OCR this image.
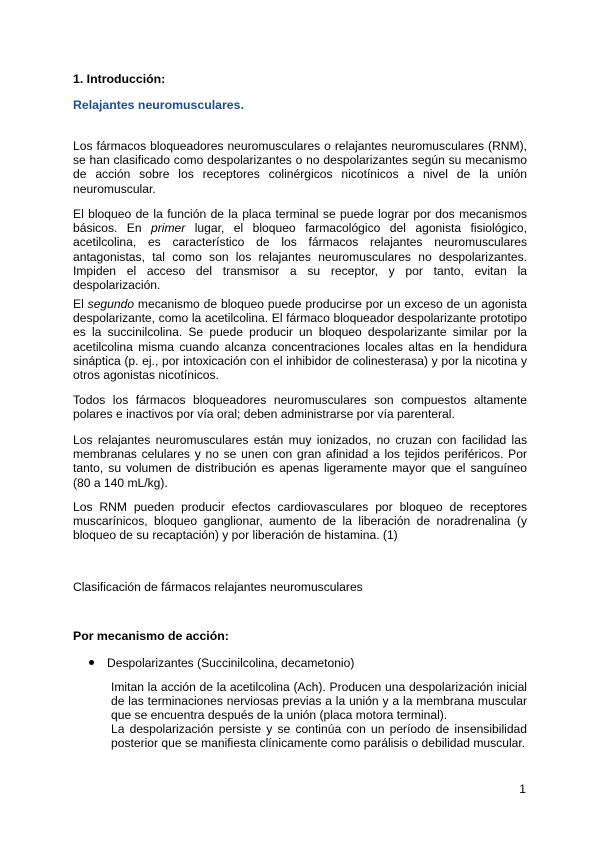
1. Introducción:
Relajantes neuromusculares.

Los fármacos bloqueadores neuromusculares o relajantes neuromusculares (RNM), se han clasificado como despolarizantes o no despolarizantes según su mecanismo de acción sobre los receptores colinérgicos nicotínicos a nivel de la unión neuromuscular.

El bloqueo de la función de la placa terminal se puede lograr por dos mecanismos básicos. En primer lugar, el bloqueo farmacológico del agonista fisiológico, acetilcolina, es característico de los fármacos relajantes neuromusculares antagonistas, tal como son los relajantes neuromusculares no despolarizantes. Impiden el acceso del transmisor a su receptor, y por tanto, evitan la despolarización.

El segundo mecanismo de bloqueo puede producirse por un exceso de un agonista despolarizante, como la acetilcolina. El fármaco bloqueador despolarizante prototipo es la succinilcolina. Se puede producir un bloqueo despolarizante similar por la acetilcolina misma cuando alcanza concentraciones locales altas en la hendidura sináptica (p. ej., por intoxicación con el inhibidor de colinesterasa) y por la nicotina y otros agonistas nicotínicos.

Todos los fármacos bloqueadores neuromusculares son compuestos altamente polares e inactivos por vía oral; deben administrarse por vía parenteral.

Los relajantes neuromusculares están muy ionizados, no cruzan con facilidad las membranas celulares y no se unen con gran afinidad a los tejidos periféricos. Por tanto, su volumen de distribución es apenas ligeramente mayor que el sanguíneo (80 a 140 mL/kg).

Los RNM pueden producir efectos cardiovasculares por bloqueo de receptores muscarínicos, bloqueo ganglionar, aumento de la liberación de noradrenalina (y bloqueo de su recaptación) y por liberación de histamina. (1)

Clasificación de fármacos relajantes neuromusculares
Por mecanismo de acción:
Despolarizantes (Succinilcolina, decametonio)

Imitan la acción de la acetilcolina (Ach). Producen una despolarización inicial de las terminaciones nerviosas previas a la unión y a la membrana muscular que se encuentra después de la unión (placa motora terminal).

La despolarización persiste y se continúa con un período de insensibilidad posterior que se manifiesta clínicamente como parálisis o debilidad muscular.

1
